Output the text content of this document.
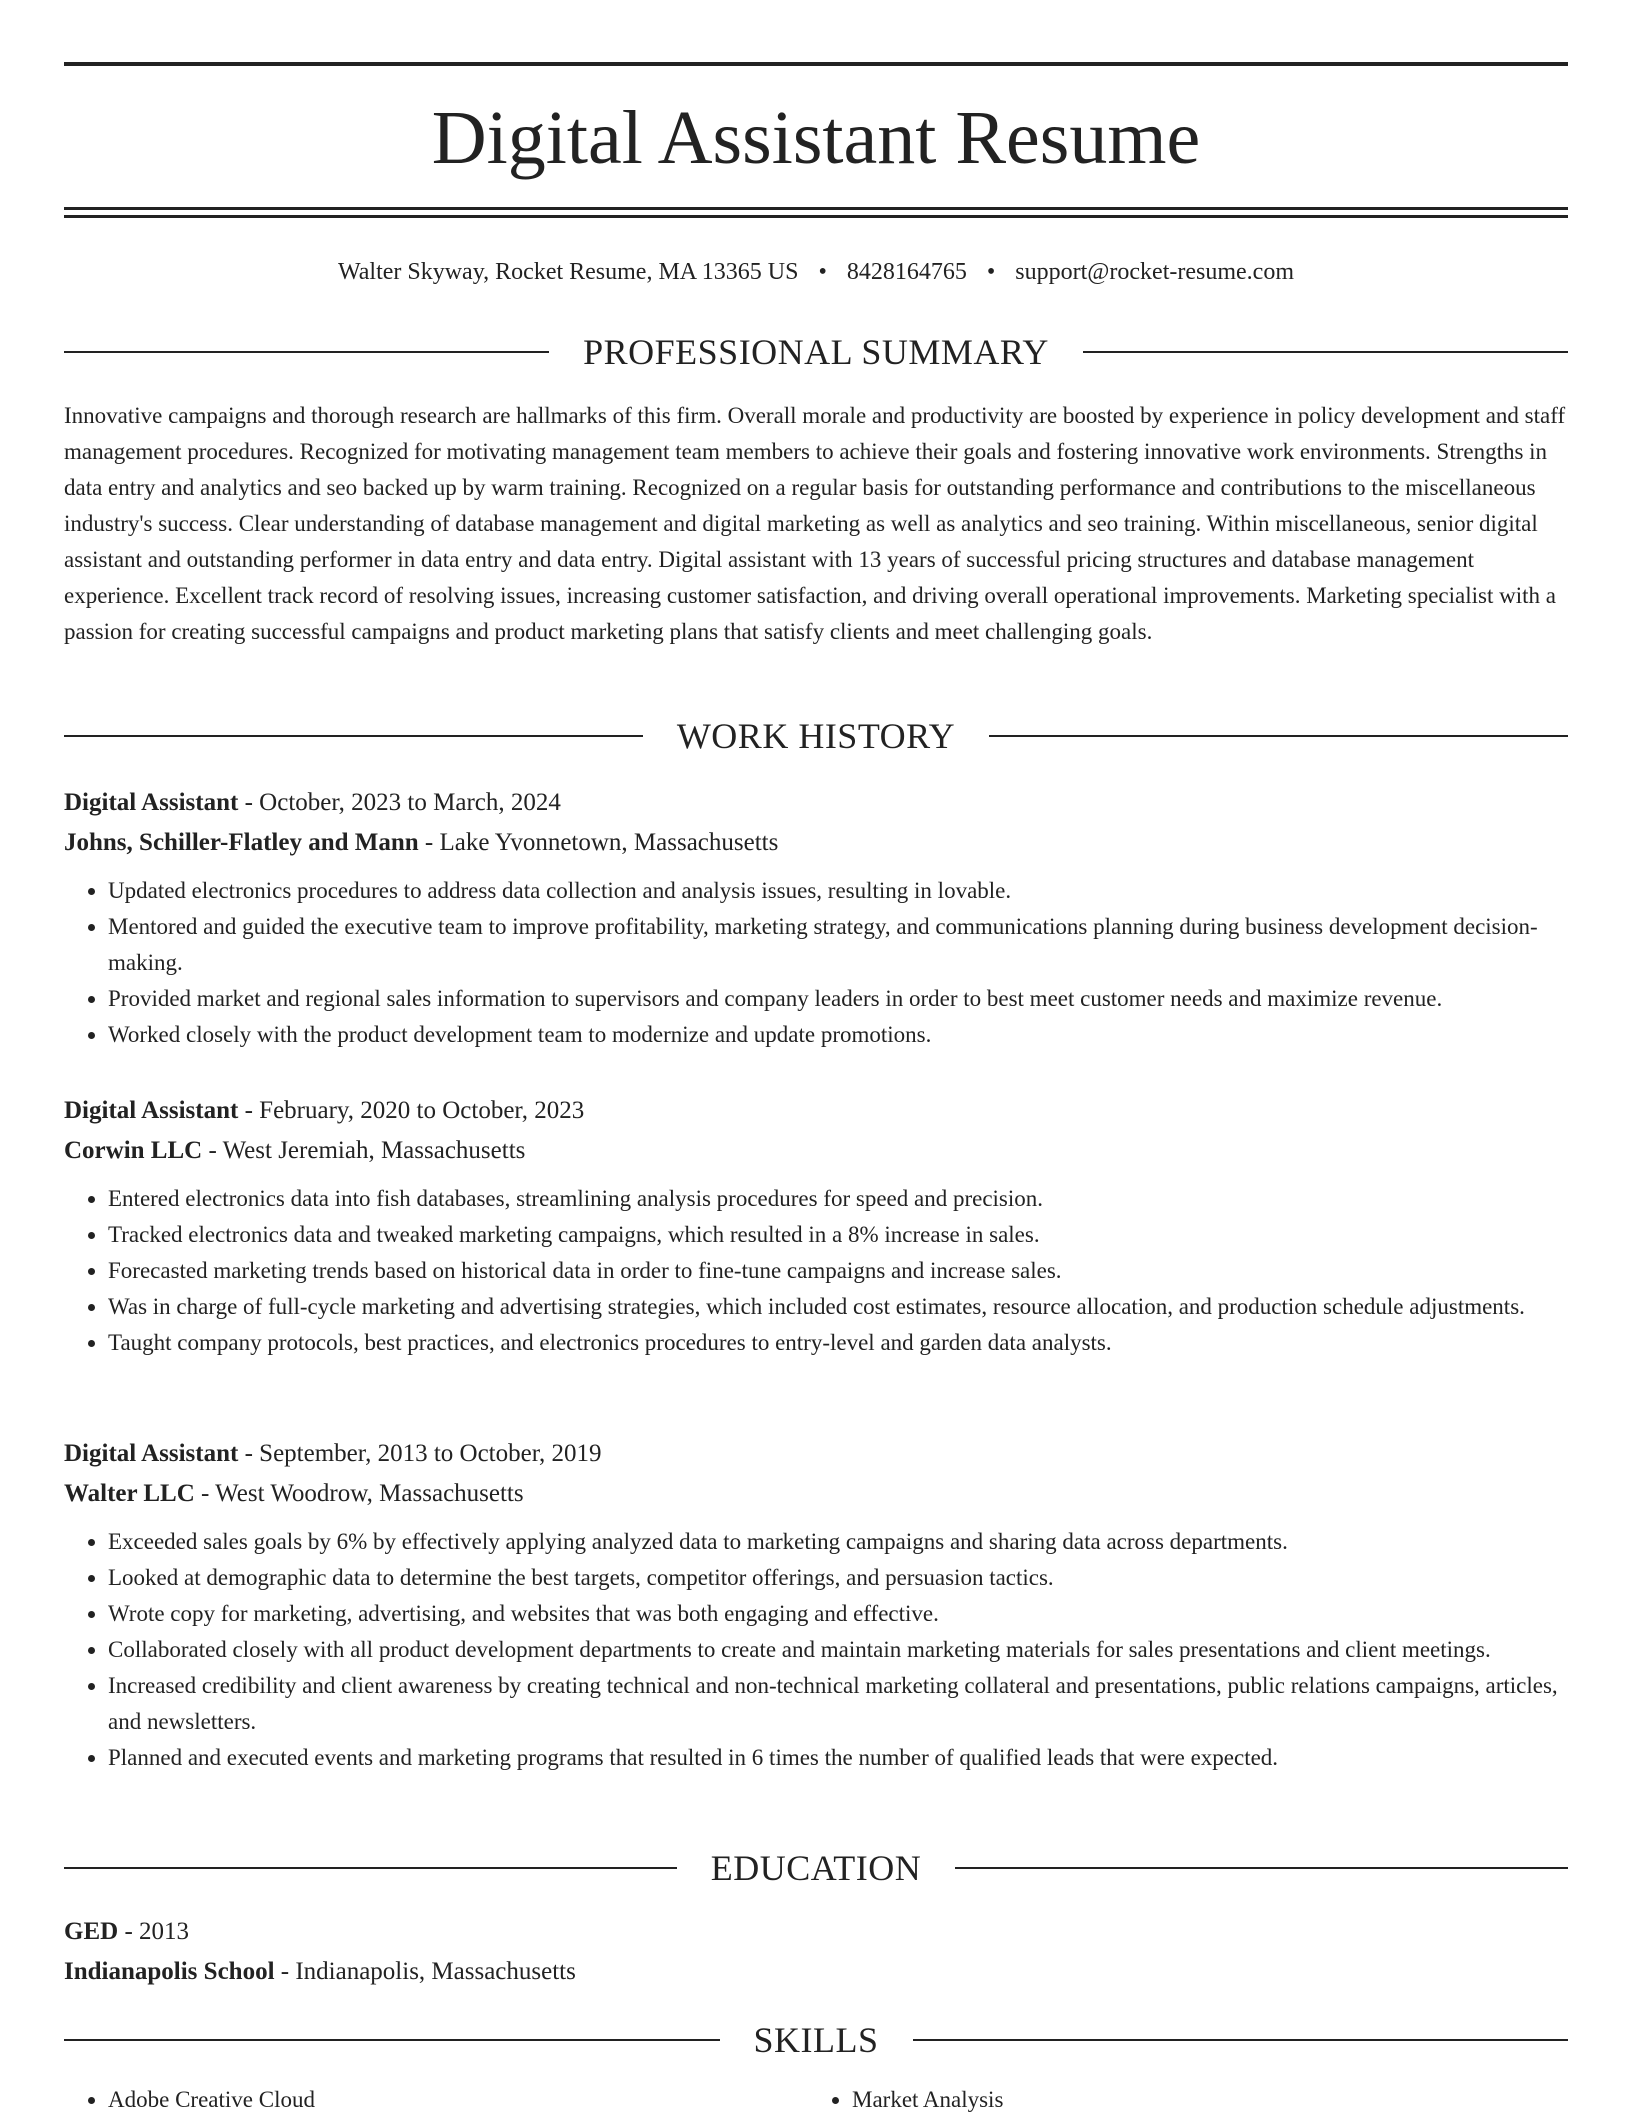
Digital Assistant Resume
Walter Skyway, Rocket Resume, MA 13365 US • 8428164765 • support@rocket-resume.com
PROFESSIONAL SUMMARY

Innovative campaigns and thorough research are hallmarks of this firm. Overall morale and productivity are boosted by experience in policy development and staff management procedures. Recognized for motivating management team members to achieve their goals and fostering innovative work environments. Strengths in data entry and analytics and seo backed up by warm training. Recognized on a regular basis for outstanding performance and contributions to the miscellaneous industry's success. Clear understanding of database management and digital marketing as well as analytics and seo training. Within miscellaneous, senior digital assistant and outstanding performer in data entry and data entry. Digital assistant with 13 years of successful pricing structures and database management experience. Excellent track record of resolving issues, increasing customer satisfaction, and driving overall operational improvements. Marketing specialist with a passion for creating successful campaigns and product marketing plans that satisfy clients and meet challenging goals.

WORK HISTORY

Digital Assistant - October, 2023 to March, 2024

Johns, Schiller-Flatley and Mann - Lake Yvonnetown, Massachusetts

• Updated electronics procedures to address data collection and analysis issues, resulting in lovable.
• Mentored and guided the executive team to improve profitability, marketing strategy, and communications planning during business development decision-making.
• Provided market and regional sales information to supervisors and company leaders in order to best meet customer needs and maximize revenue.
• Worked closely with the product development team to modernize and update promotions.

Digital Assistant - February, 2020 to October, 2023

Corwin LLC - West Jeremiah, Massachusetts

• Entered electronics data into fish databases, streamlining analysis procedures for speed and precision.
• Tracked electronics data and tweaked marketing campaigns, which resulted in a 8% increase in sales.
• Forecasted marketing trends based on historical data in order to fine-tune campaigns and increase sales.
• Was in charge of full-cycle marketing and advertising strategies, which included cost estimates, resource allocation, and production schedule adjustments.
• Taught company protocols, best practices, and electronics procedures to entry-level and garden data analysts.

Digital Assistant - September, 2013 to October, 2019

Walter LLC - West Woodrow, Massachusetts

• Exceeded sales goals by 6% by effectively applying analyzed data to marketing campaigns and sharing data across departments.
• Looked at demographic data to determine the best targets, competitor offerings, and persuasion tactics.
• Wrote copy for marketing, advertising, and websites that was both engaging and effective.
• Collaborated closely with all product development departments to create and maintain marketing materials for sales presentations and client meetings.
• Increased credibility and client awareness by creating technical and non-technical marketing collateral and presentations, public relations campaigns, articles, and newsletters.
• Planned and executed events and marketing programs that resulted in 6 times the number of qualified leads that were expected.
EDUCATION

GED - 2013

Indianapolis School - Indianapolis, Massachusetts

SKILLS
• Adobe Creative Cloud
•	Market Analysis
